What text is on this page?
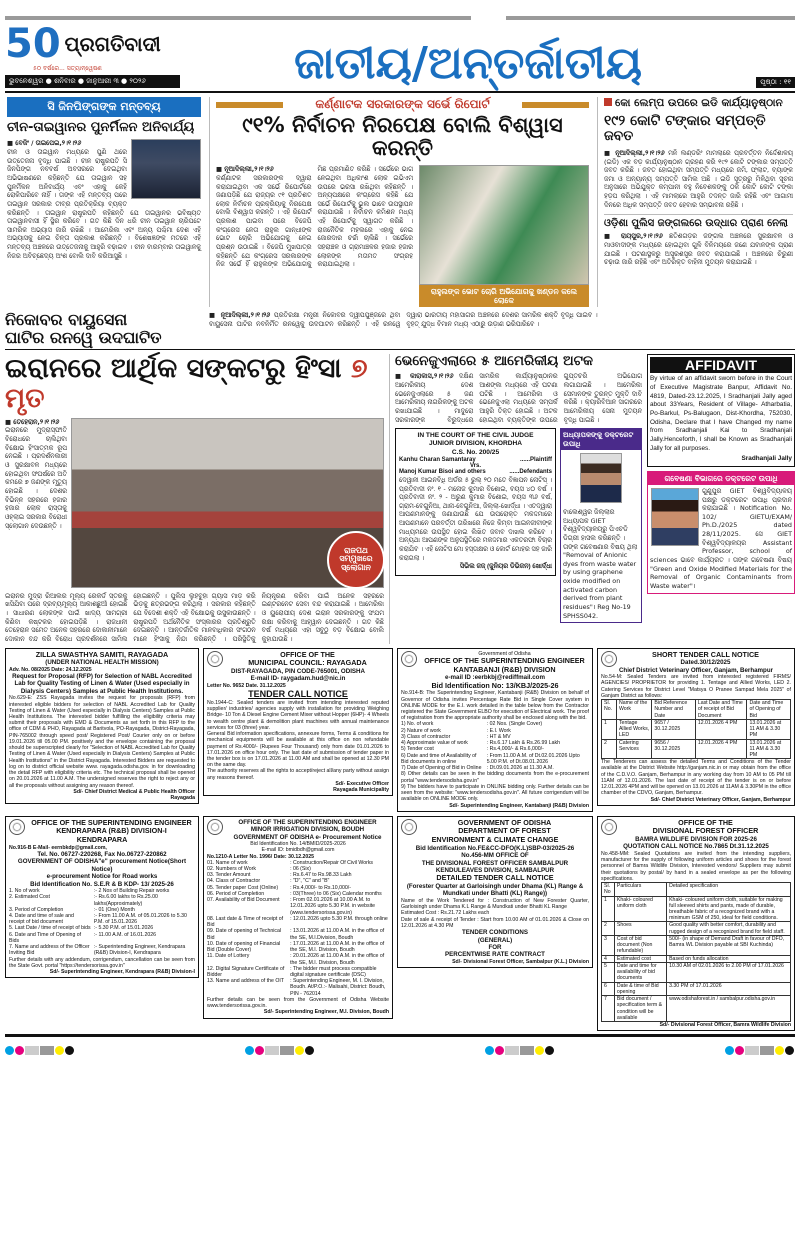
50 ପ୍ରଗତିବାଦୀ
୫୦ ବର୍ଷରେ... ସତ୍ୟାନ୍ୱେଷଣ
ଭୁବନେଶ୍ୱର ● ଶନିବାର ● ଜାନୁଆରୀ ୩ ● ୨୦୨୬	ଜାତୀୟ/ଅନ୍ତର୍ଜାତୀୟ	ପୃଷ୍ଠା : ୧୧
ସି ଜିନପିଙ୍ଗଙ୍କ ମନ୍ତବ୍ୟ
ଚୀନ-ତାଇୱାନର ପୁନର୍ମିଳନ ଅନିବାର୍ଯ୍ୟ
■ ବେଜିଂ / ତାଇପେଇ,୨।୧।୨୬
ଚୀନ ଓ ତାଇୱାନ ମଧ୍ୟରେ ପୁଣି ଥରେ ଉତ୍ତେଜନା ବୃଦ୍ଧି ପାଇଛି । ଚୀନ ରାଷ୍ଟ୍ରପତି ସି ଜିନପିଙ୍ଗ ନବବର୍ଷ ଅବସରରେ ଦେଇଥିବା ଅଭିଭାଷଣରେ କହିଛନ୍ତି ଯେ ତାଇୱାନ ସହ ପୁନର୍ମିଳନ ଅନିବାର୍ଯ୍ୟ ଏବଂ ଏହାକୁ କେହି ରୋକିପାରିବେ ନାହିଁ । ତାଙ୍କ ଏହି ମନ୍ତବ୍ୟ ପରେ ତାଇୱାନ ସରକାର ତୀବ୍ର ପ୍ରତିକ୍ରିୟା ବ୍ୟକ୍ତ କରିଛନ୍ତି । ତାଇୱାନ ରାଷ୍ଟ୍ରପତି କହିଛନ୍ତି ଯେ ତାଇୱାନର ଭବିଷ୍ୟତ ତାଇୱାନବାସୀ ହିଁ ସ୍ଥିର କରିବେ । ଗତ କିଛି ଦିନ ଧରି ଚୀନ ତାଇୱାନ ଚାରିପଟେ ସାମରିକ ଅଭ୍ୟାସ ଜାରି ରଖିଛି । ଆମେରିକା ଏବଂ ଅନ୍ୟ ପଶ୍ଚିମା ଦେଶ ଏହି ଅଭ୍ୟାସକୁ ନେଇ ଚିନ୍ତା ପ୍ରକାଶ କରିଛନ୍ତି । ବିଶେଷଜ୍ଞଙ୍କ ମତରେ ଏହି ମନ୍ତବ୍ୟ ଅଞ୍ଚଳରେ ଉତ୍ତେଜନାକୁ ଆହୁରି ବଢ଼ାଇବ । ଚୀନ ବାରମ୍ବାର ତାଇୱାନକୁ ନିଜର ଅବିଚ୍ଛେଦ୍ୟ ଅଂଶ ବୋଲି ଦାବି କରିଆସୁଛି ।
କର୍ଣ୍ଣାଟକ ସରକାରଙ୍କ ସର୍ଭେ ରିପୋର୍ଟ
୯୧% ନିର୍ବାଚନ ନିରପେକ୍ଷ ବୋଲି ବିଶ୍ୱାସ କରନ୍ତି
■ ନୂଆଦିଲ୍ଲୀ,୨।୧।୨୬
କର୍ଣ୍ଣାଟକ ସରକାରଙ୍କ ଦ୍ୱାରା କରାଯାଇଥିବା ଏକ ସର୍ଭେ ରିପୋର୍ଟରେ ଜଣାପଡ଼ିଛି ଯେ ରାଜ୍ୟର ୯୧ ପ୍ରତିଶତ ଲୋକ ନିର୍ବାଚନ ପ୍ରକ୍ରିୟାକୁ ନିରପେକ୍ଷ ବୋଲି ବିଶ୍ୱାସ କରନ୍ତି । ଏହି ରିପୋର୍ଟ ପ୍ରକାଶ ପାଇବା ପରେ ବିଜେପି କଂଗ୍ରେସ ନେତା ରାହୁଲ ଗାନ୍ଧୀଙ୍କ ଭୋଟ ଚୋରି ଅଭିଯୋଗକୁ ନେଇ ପ୍ରଶ୍ନ ଉଠାଇଛି । ବିଜେପି ମୁଖପାତ୍ର କହିଛନ୍ତି ଯେ କଂଗ୍ରେସ ସରକାରଙ୍କ ନିଜ ସର୍ଭେ ହିଁ ରାହୁଲଙ୍କ ଅଭିଯୋଗକୁ ମିଛ ପ୍ରମାଣିତ କରିଛି । ସର୍ଭେରେ ଭାଗ ନେଇଥିବା ଅଧିକାଂଶ ଲୋକ ଇଭିଏମ ଉପରେ ଭରସା ରଖିଥିବା କହିଛନ୍ତି । ଅନ୍ୟପକ୍ଷରେ କଂଗ୍ରେସ କହିଛି ଯେ ସର୍ଭେ ରିପୋର୍ଟକୁ ଭୁଲ ଭାବେ ଉପସ୍ଥାପନ କରାଯାଉଛି । ନିର୍ବାଚନ କମିଶନ ମଧ୍ୟ ଏହି ରିପୋର୍ଟକୁ ସ୍ୱାଗତ କରିଛି । ରାଜନୈତିକ ମହଲରେ ଏହାକୁ ନେଇ ଜୋରଦାର ଚର୍ଚ୍ଚା ଚାଲିଛି । ସର୍ଭେରେ ସହରାଞ୍ଚଳ ଓ ଗ୍ରାମାଞ୍ଚଳର ହଜାର ହଜାର ଲୋକଙ୍କ ମତାମତ ସଂଗ୍ରହ କରାଯାଇଥିଲା ।
ରାହୁଲଙ୍କ ଭୋଟ ଚୋରି ଅଭିଯୋଗକୁ ଖଣ୍ଡନ କଲେ ଲୋକେ
କୋ ଲେମ୍ପ ଉପରେ ଇଡି କାର୍ଯ୍ୟାନୁଷ୍ଠାନ
୧୯୨ କୋଟି ଟଙ୍କାର ସମ୍ପତ୍ତି ଜବତ
■ ନୂଆଦିଲ୍ଲୀ,୨।୧।୨୬ ମନି ଲଣ୍ଡରିଂ ମାମଲାରେ ପ୍ରବର୍ତ୍ତନ ନିର୍ଦ୍ଦେଶାଳୟ (ଇଡି) ଏକ ବଡ଼ କାର୍ଯ୍ୟାନୁଷ୍ଠାନ ଗ୍ରହଣ କରି ୧୯୨ କୋଟି ଟଙ୍କାର ସମ୍ପତ୍ତି ଜବତ କରିଛି । ଜବତ ହୋଇଥିବା ସମ୍ପତ୍ତି ମଧ୍ୟରେ ଜମି, ଫ୍ଲାଟ, ବ୍ୟାଙ୍କ ଜମା ଓ ଅନ୍ୟାନ୍ୟ ସମ୍ପତ୍ତି ସାମିଲ ଅଛି । ଇଡି ସୂତ୍ରରୁ ମିଳିଥିବା ସୂଚନା ଅନୁସାରେ ଅଭିଯୁକ୍ତ କମ୍ପାନୀ ବହୁ ନିବେଶକଙ୍କୁ ଠକି କୋଟି କୋଟି ଟଙ୍କା ହଡ଼ପ କରିଥିଲା । ଏହି ମାମଲାରେ ଆହୁରି ତଦନ୍ତ ଜାରି ରହିଛି ଏବଂ ଆଗାମୀ ଦିନରେ ଅଧିକ ସମ୍ପତ୍ତି ଜବତ ହେବାର ସମ୍ଭାବନା ରହିଛି ।
ଓଡ଼ିଶା ପୁଲିସ ଜଙ୍ଗଲରେ ଉଦ୍ଧାର ପ୍ରାଣ ନେଲା
■ ରାୟପୁର,୨।୧।୨୬ ଛତିଶଗଡ଼ର ଜଙ୍ଗଲ ଅଞ୍ଚଳରେ ସୁରକ୍ଷାବଳ ଓ ମାଓବାଦୀଙ୍କ ମଧ୍ୟରେ ହୋଇଥିବା ଗୁଳି ବିନିମୟରେ ଜଣେ ଯବାନଙ୍କ ପ୍ରାଣ ଯାଇଛି । ଘଟଣାସ୍ଥଳରୁ ଅସ୍ତ୍ରଶସ୍ତ୍ର ଜବତ କରାଯାଇଛି । ଅଞ୍ଚଳରେ ଚିରୁଣୀ ଚଢ଼ାଉ ଜାରି ରହିଛି ଏବଂ ଅତିରିକ୍ତ ବାହିନୀ ମୁତୟନ କରାଯାଇଛି ।
ନିକୋବର ବାୟୁସେନା
ଘାଟିର ରନୱେ ଉଦଘାଟିତ
■ ନୂଆଦିଲ୍ଲୀ,୨।୧।୨୬ ପ୍ରତିରକ୍ଷା ମନ୍ତ୍ରୀ ନିକୋବର ଦ୍ୱୀପପୁଞ୍ଜରେ ଥିବା ବାୟୁସେନା ଘାଟିର ନବନିର୍ମିତ ରନୱେକୁ ଉଦଘାଟନ କରିଛନ୍ତି । ଏହି ରନୱେ ଦ୍ୱାରା ଭାରତୀୟ ମହାସାଗର ଅଞ୍ଚଳରେ ଦେଶର ସାମରିକ ଶକ୍ତି ବୃଦ୍ଧି ପାଇବ । ବୃହତ୍ ଯୁଦ୍ଧ ବିମାନ ମଧ୍ୟ ଏଠାରୁ ଉଡ଼ାଣ ଭରିପାରିବେ ।
ଇରାନରେ ଆର୍ଥିକ ସଙ୍କଟରୁ ହିଂସା ୭ ମୃତ
■ ତେହେରାନ,୨।୧।୨୬
ଇରାନରେ ମୁଦ୍ରାସ୍ଫୀତି ବିରୋଧରେ ଚାଲିଥିବା ବିକ୍ଷୋଭ ହିଂସାତ୍ମକ ରୂପ ନେଇଛି । ପ୍ରଦର୍ଶନକାରୀ ଓ ସୁରକ୍ଷାବଳ ମଧ୍ୟରେ ହୋଇଥିବା ସଂଘର୍ଷରେ ଅତି କମରେ ୭ ଜଣଙ୍କ ମୃତ୍ୟୁ ହୋଇଛି । ଦେଶର ବିଭିନ୍ନ ସହରରେ ହଜାର ହଜାର ଲୋକ ରାସ୍ତାକୁ ଓହ୍ଲାଇ ସରକାର ବିରୋଧୀ ସ୍ଲୋଗାନ ଦେଉଛନ୍ତି ।
ରାଜପଥ ସମ୍ମୁଖରେ ସ୍ଲୋଗାନ
ଇରାନର ମୁଦ୍ରା ରିଆଲର ମୂଲ୍ୟ ରେକର୍ଡ ସ୍ତରକୁ ଖସିଯିବା ପରେ ଦ୍ରବ୍ୟମୂଲ୍ୟ ଆକାଶଛୁଆଁ ହୋଇଛି । ସାଧାରଣ ଲୋକଙ୍କ ପାଇଁ ଖାଦ୍ୟ ସାମଗ୍ରୀ କିଣିବା କଷ୍ଟକର ହୋଇପଡ଼ିଛି । ରାଜଧାନୀ ତେହେରାନ ସମେତ ଅନେକ ସହରରେ ଦୋକାନୀମାନେ ଦୋକାନ ବନ୍ଦ କରି ବିରୋଧ ପ୍ରଦର୍ଶନରେ ସାମିଲ ହୋଇଛନ୍ତି । ପୁଲିସ ଲୁହବୁହା ଗ୍ୟାସ ମାଡ଼ କରି ଭିଡ଼କୁ ଛତ୍ରଭଙ୍ଗ କରିଥିଲା । ସରକାର କହିଛନ୍ତି ଯେ ବିଦେଶୀ ଶକ୍ତି ଏହି ବିକ୍ଷୋଭକୁ ଉସୁକାଉଛନ୍ତି । ରାଷ୍ଟ୍ରପତି ଅର୍ଥନୈତିକ ସଂସ୍କାରର ପ୍ରତିଶ୍ରୁତି ଦେଇଛନ୍ତି । ଆନ୍ତର୍ଜାତିକ ମାନବାଧିକାର ସଂଗଠନ ମାନେ ହିଂସାକୁ ନିନ୍ଦା କରିଛନ୍ତି । ପରିସ୍ଥିତିକୁ ନିୟନ୍ତ୍ରଣ କରିବା ପାଇଁ ଅନେକ ସହରରେ ଇଣ୍ଟରନେଟ ସେବା ବନ୍ଦ କରାଯାଇଛି । ଆମେରିକା ଓ ୟୁରୋପୀୟ ଦେଶ ଇରାନ ସରକାରଙ୍କୁ ସଂଯମ ରକ୍ଷା କରିବାକୁ ଆହ୍ୱାନ ଦେଇଛନ୍ତି । ଗତ କିଛି ବର୍ଷ ମଧ୍ୟରେ ଏହା ସବୁଠୁ ବଡ଼ ବିକ୍ଷୋଭ ବୋଲି କୁହାଯାଉଛି ।
ଭେନେଜୁଏଲାରେ ୫ ଆମେରିକୀୟ ଅଟକ
■ କାରାକାସ,୨।୧।୨୬ ଦକ୍ଷିଣ ଆମେରିକୀୟ ଦେଶ ଭେନେଜୁଏଲାରେ ୫ ଜଣ ଆମେରିକୀୟ ନାଗରିକଙ୍କୁ ଅଟକ ରଖାଯାଇଛି । ମାଦୁରୋ ସରକାରଙ୍କ ବିରୁଦ୍ଧରେ ସାମରିକ କାର୍ଯ୍ୟାନୁଷ୍ଠାନର ଆଶଙ୍କା ମଧ୍ୟରେ ଏହି ଘଟଣା ଘଟିଛି । ଆମେରିକା ଓ ଭେନେଜୁଏଲା ମଧ୍ୟରେ ସମ୍ପର୍କ ଆହୁରି ତିକ୍ତ ହୋଇଛି । ଅଟକ ହୋଇଥିବା ବ୍ୟକ୍ତିଙ୍କ ଉପରେ ଗୁପ୍ତଚରି ଅଭିଯୋଗ ଲଗାଯାଇଛି । ଆମେରିକା ସେମାନଙ୍କ ତୁରନ୍ତ ମୁକ୍ତି ଦାବି କରିଛି । କ୍ୟାରିବିଆନ ସାଗରରେ ଆମେରିକୀୟ ସେନା ମୁତୟନ ବୃଦ୍ଧି ପାଇଛି ।
IN THE COURT OF THE CIVIL JUDGE
JUNIOR DIVISION, KHORDHA
C.S. No. 200/25
Kanhu Charan Samantaray	......Plaintiff
Vrs.
Manoj Kumar Bisoi and others	......Defendants
ଦେୱାନୀ ଆଇନବିଧି ଅର୍ଡର ୫ ରୁଲ୍ ୨୦ ମତେ ବିଜ୍ଞାପନ ନୋଟିସ୍ । ପ୍ରତିବାଦୀ ନଂ. ୧ - ମନୋଜ କୁମାର ବିଶୋଇ, ବୟସ ୪୦ ବର୍ଷ । ପ୍ରତିବାଦୀ ନଂ. ୨ - ଅରୁଣ କୁମାର ବିଶୋଇ, ବୟସ ୩୬ ବର୍ଷ, ଗ୍ରାମ-ବେଗୁନିଆ, ଥାନା-ବେଗୁନିଆ, ଜିଲ୍ଲା-ଖୋର୍ଦ୍ଧା । ଏତଦ୍ୱାରା ଆପଣମାନଙ୍କୁ ଜଣାଯାଉଛି ଯେ ଉପରୋକ୍ତ ମକଦ୍ଦମାରେ ଆପଣମାନେ ପରବର୍ତ୍ତୀ ତାରିଖରେ ନିଜେ କିମ୍ବା ଆଇନଜୀବୀଙ୍କ ମାଧ୍ୟମରେ ଉପସ୍ଥିତ ହୋଇ ଲିଖିତ ଜବାବ ଦାଖଲ କରିବେ । ଅନ୍ୟଥା ଆପଣଙ୍କ ଅନୁପସ୍ଥିତିରେ ମକଦ୍ଦମାର ଏକତରଫା ବିଚାର କରାଯିବ । ଏହି ନୋଟିସ ମୋ ହସ୍ତାକ୍ଷର ଓ କୋର୍ଟ ମୋହର ସହ ଜାରି କରାଗଲା ।
ସିଭିଲ ଜଜ୍ (ଜୁନିୟର ଡିଭିଜନ) ଖୋର୍ଦ୍ଧା
ଅଧ୍ୟାପକଙ୍କୁ ଡକ୍ଟରେଟ ଉପାଧି
ବାଲେଶ୍ୱର ଜିଲ୍ଲାର ଅଧ୍ୟାପକ GIET ବିଶ୍ୱବିଦ୍ୟାଳୟରୁ ପିଏଚଡି ଡିଗ୍ରୀ ହାସଲ କରିଛନ୍ତି । ତାଙ୍କ ଗବେଷଣାର ବିଷୟ ଥିଲା "Removal of Anionic dyes from waste water by using graphene oxide modified on activated carbon derived from plant residues"। Reg No-19 SPHSS042.
AFFIDAVIT
By virtue of an affidavit sworn before in the Court of Executive Magistrate Banpur, Affidavit No. 4819, Dated-23.12.2025, I Sradhanjali Jally aged about 33Years, Resident of Village- Atharbatia, Po-Barkul, Ps-Balugaon, Dist-Khordha, 752030, Odisha, Declare that I have Changed my name from Sradhanjali Kai to Sradhanjali Jally.Henceforth, I shall be Known as Sradhanjali Jally for all purposes.
Sradhanjali Jally
ଗବେଷଣା ବିଭାଗରେ ଡକ୍ଟରେଟ ଉପାଧି
ଗୁଣୁପୁର GIET ବିଶ୍ୱବିଦ୍ୟାଳୟ ପକ୍ଷରୁ ଡକ୍ଟରେଟ ଉପାଧି ପ୍ରଦାନ କରାଯାଇଛି । Notification No. 102/ GIETU/EXAM/ Ph.D./2025 dated 28/11/2025. ସେ GIET ବିଶ୍ୱବିଦ୍ୟାଳୟର Assistant Professor, school of sciences ଭାବେ କାର୍ଯ୍ୟରତ । ତାଙ୍କ ଗବେଷଣା ବିଷୟ "Green and Oxide Modified Materials for the Removal of Organic Contaminants from Waste water"।
ZILLA SWASTHYA SAMITI, RAYAGADA
(UNDER NATIONAL HEALTH MISSION)
Adv. No. 08/2025 Date: 24.12.2025
Request for Proposal (RFP) for Selection of NABL Accredited Lab for Quality Testing of Linen & Water (Used especially in Dialysis Centers) Samples at Public Health Institutions.
No.629-E: ZSS Rayagada invites the request for proposals (RFP) from interested eligible bidders for selection of NABL Accredited Lab for Quality Testing of Linen & Water (Used especially in Dialysis Centers) Samples at Public Health Institutions. The interested bidder fulfilling the eligibility criteria may submit their proposals with EMD & Documents as set forth in this RFP to the office of CDM & PHO, Rayagada at Baritvola, PO-Rayagada, District-Rayagada, PIN-765002 through speed post/ Registered Post/ Courier only on or before 19.01.2026 till 05.00 PM. positively and the envelope containing the proposal should be superscripted clearly for "Selection of NABL Accredited Lab for Quality Testing of Linen & Water (Used especially in Dialysis Centers) Samples at Public Health Institutions" in the District Rayagada. Interested Bidders are requested to log on to district official website www. rayagada.odisha.gov. in for downloading the detail RFP with eligibility criteria etc. The technical proposal shall be opened on 20.01.2026 at 11.00 A.M. The undersigned reserves the right to reject any or all the proposals without assigning any reason thereof.
Sd/- Chief District Medical & Public Health Officer
Rayagada
OFFICE OF THE
MUNICIPAL COUNCIL: RAYAGADA
DIST-RAYAGADA, PIN CODE-765001, ODISHA
E-mail ID- raygadam.hud@nic.in
Letter No. 9652 Date. 31.12.2025
TENDER CALL NOTICE
No.1944-C: Sealed tenders are invited from intending interested reputed supplier/ industries/ agencies supply with installation for providing Weighing Bridge- 10 Ton & Diesel Engine Cement Mixer without Hopper (6HP)- 4 Wheels to wealth centre plant & demolition plant machines with annual maintenance services for 03 (three) year.
General Bid information specifications, annexure forms, Terms & conditions for mechanical equipments will be available at this office on non refundable payment of Rs.4000/- (Rupees Four Thousand) only from date 01.01.2026 to 17.01.2026 on office hour only. The last date of submission of tender paper in the tender box is on 17.01.2026 at 11.00 AM and shall be opened at 12.30 PM on the same day.
The authority reserves all the rights to accept/reject all/any party without assign any reasons thereof.
Sd/- Executive Officer
Rayagada Municipality
Government of Odisha
OFFICE OF THE SUPERINTENDING ENGINEER
KANTABANJI (R&B) DIVISION
e-mail ID :eerbkbj@rediffmail.com
Bid Identification No: 13/KBJ/2025-26
No.914-B: The Superintending Engineer, Kantabanji (R&B) Division on behalf of Governor of Odisha invites Percentage Rate Bid in Single Cover system in ONLINE MODE for the E.I. work detailed in the table below from the Contractor registered the State Government ELBO for execution of Electrical work. The proof of registration from the appropriate authority shall be enclosed along with the bid.
1) No. of work	: 02 Nos. (Single Cover)
2) Nature of work	: E.I. Work
3) Class of contractor	: HT & MV
4) Approximate value of work	: Rs.6.17 Lakh & Rs.26.99 Lakh
5) Tender cost	: Rs.4,000/- & Rs.6,000/-
6) Date and time of Availability of Bid documents in online
: From 11.00 A.M. of Dt.02.01.2026 Upto 5.00 P.M. of Dt.08.01.2026
7) Date of Opening of Bid in Online	: Dt.09.01.2026 at 11.30 A.M.
8) Other details can be seen in the bidding documents from the e-procurement portal "www.tendersodisha.gov.in"
9) The bidders have to participate in ONLINE bidding only. Further details can be seen from the website: "www.tendersodisha.gov.in". All future corrigendum will be available on ONLINE MODE only.
Sd/- Superintending Engineer, Kantabanji (R&B) Division
SHORT TENDER CALL NOTICE
Dated.30/12/2025
Chief District Veterinary Officer, Ganjam, Berhampur
No.54-M: Sealed Tenders are invited from interested registered FIRMS/ AGENCIES/ PROPRIETOR for providing 1. Tentage and Allied Works, LED 2. Catering Services for District Level "Matsya O Pranee Sampad Mela 2025" of Ganjam District as follows:
Sl. No.	Name of the Work	Bid Reference Number and Date	Last Date and Time of receipt of Bid Document	Date and Time of Opening of Bid
1	Tentage Allied Works, LED	9657 / 30.12.2025	12.01.2026 4 PM	13.01.2026 at 11 AM & 3.30 PM
2	Catering Services	9656 / 30.12.2025	12.01.2026 4 PM	13.01.2026 at 11 AM & 3.30 PM
The Tenderers can assess the detailed Terms and Conditions of the Tender available at the District Website http://ganjam.nic.in or may obtain from the office of the C.D.V.O. Ganjam, Berhampur in any working day from 10 AM to 05 PM till 11AM of 12.01.2026. The last date of receipt of the tender is on or before 12.01.2026 4PM and will be opened on 13.01.2026 at 11AM & 3.30PM in the office chamber of the CDVO, Ganjam, Berhampur.
Sd/- Chief District Veterinary Officer, Ganjam, Berhampur
OFFICE OF THE SUPERINTENDING ENGINEER
KENDRAPARA (R&B) DIVISION-I
KENDRAPARA
No.916-B E-Mail- eernbkdp@gmail.com,
Tel. No. 06727-220268, Fax No.06727-220862
GOVERNMENT OF ODISHA"e" procurement Notice(Short Notice)
e-procurement Notice for Road works
Bid Identification No. S.E.R & B KDP- 13/ 2025-26
1. No of work	:- 2 Nos of Building Repair works
2. Estimated Cost	:- Rs.6.00 lakhs to Rs.25.00 lakhs(Approximately)
3. Period of Completion	:- 01 (One) Month
4. Date and time of sale and receipt of bid document
:- From 11.00 A.M. of 05.01.2026 to 5.30 P.M. of 15.01.2026
5. Last Date / time of receipt of bids :- 5.30 P.M. of 15.01.2026
6. Date and Time of Opening of Bids
:- 11.00 A.M. of 16.01.2026
7. Name and address of the Officer Inviting Bid
:- Superintending Engineer, Kendrapara (R&B) Division-I, Kendrapara
Further details with any addendum, corrigendum, cancellation can be seen from the State Govt. portal "https://tendersorissa.gov.in"
Sd/- Superintending Engineer, Kendrapara (R&B) Division-I
OFFICE OF THE SUPERINTENDING ENGINEER
MINOR IRRIGATION DIVISION, BOUDH
GOVERNMENT OF ODISHA e- Procurement Notice
Bid Identification No. 14/BMID/2025-2026
E-mail ID: bmidbdh@gmail.com
No.1210-A Letter No. 1996/ Date: 30.12.2025
01. Name of work	: Construction/Repair Of Civil Works
02. Numbers of Work	: 06 (Six)
03. Tender Amount	: Rs.6.47 to Rs.98.33 Lakh
04. Class of Contractor	: "D", "C" and "B"
05. Tender paper Cost (Online)	: Rs.4,000/- to Rs.10,000/-
06. Period of Completion	: 03(Three) to 06 (Six) Calendar months
07. Availability of Bid Document	: From 02.01.2026 at 10.00 A.M. to 12.01.2026 upto 5.30 P.M. in website (www.tendersorissa.gov.in)
08. Last date & Time of receipt of Bid
: 12.01.2026 upto 5.30 P.M. through online
09. Date of opening of Technical Bid
: 13.01.2026 at 11.00 A.M. in the office of the SE, M.I.Division, Boudh
10. Date of opening of Financial Bid (Double Cover)
: 17.01.2026 at 11.00 A.M. in the office of the SE, M.I. Division, Boudh
11. Date of Lottery	: 20.01.2026 at 11.00 A.M. in the office of the SE, M.I. Division, Boudh
12. Digital Signature Certificate of Bidder
: The bidder must process compatible digital signature certificate (DSC)
13. Name and address of the OIT	: Superintending Engineer, M. I. Division, Boudh. At/P.O.:- Malisahi, District: Boudh, PIN - 762014
Further details can be seen from the Government of Odisha Website www.tendersorissa.gov.in.
Sd/- Superintending Engineer, M.I. Division, Boudh
GOVERNMENT OF ODISHA
DEPARTMENT OF FOREST
ENVIRONMENT & CLIMATE CHANGE
Bid Identification No.FE&CC-DFO(K.L)SBP-03/2025-26
No.456-MM OFFICE OF
THE DIVISIONAL FOREST OFFICER SAMBALPUR
KENDULEAVES DIVISION, SAMBALPUR
DETAILED TENDER CALL NOTICE
(Forester Quarter at Garloisingh under Dhama (KL) Range & Mundkati under Bhatti (KL) Range))
Name of the Work Tendered for : Construction of New Forester Quarter, Garloisingh under Dhama K.L Range & Mundkati under Bhatti KL Range
Estimated Cost : Rs.21.72 Lakhs each
Date of sale & receipt of Tender : Start from 10.00 AM of 01.01.2026 & Close on 12.01.2026 at 4.30 PM
TENDER CONDITIONS
(GENERAL)
FOR
PERCENTWISE RATE CONTRACT
Sd/- Divisional Forest Officer, Sambalpur (K.L.) Division
OFFICE OF THE
DIVISIONAL FOREST OFFICER
BAMRA WILDLIFE DIVISION FOR 2025-26
QUOTATION CALL NOTICE No.7865 Dt.31.12.2025
No.458-MM: Sealed Quotations are invited from the intending suppliers, manufacturer for the supply of following uniform articles and shoes for the forest personnel of Bamra Wildlife Division, Interested vendors/ Suppliers may submit their quotations by postal/ by hand in a sealed envelope as per the following specifications.
Sl. No	Particulars	Detailed specification
1	Khaki- coloured uniform cloth	Khaki- coloured uniform cloth, suitable for making full sleeved shirts and pants, made of durable, breathable fabric of a recognized brand with a minimum GSM of 250, ideal for field conditions.
2	Shoes	Good quality with better comfort, durability and rugged design of a recognized brand for field staff.
3	Cost of bid document (Non refundable)	500/- (in shape of Demand Draft in favour of DFO, Bamra WL Division payable at SBI Kuchinda)
4	Estimated cost	Based on funds allocation
5	Date and time for availability of bid documents	10.30 AM of 02.01.2026 to 2.00 PM of 17.01.2026
6	Date & time of Bid opening	3.30 PM of 17.01.2026
7	Bid document / specification term & condition will be available	www.odishaforest.in / sambalpur.odisha.gov.in
Sd/- Divisional Forest Officer, Bamra Wildlife Division
